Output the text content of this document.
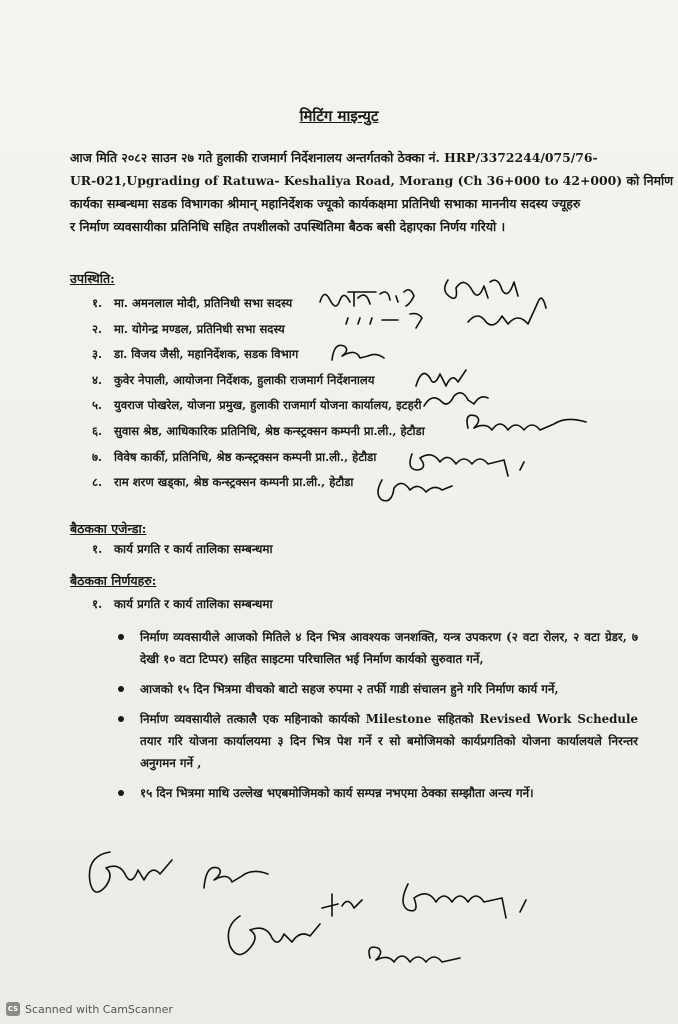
मिटिंग माइन्युट
आज मिति २०८२ साउन २७ गते हुलाकी राजमार्ग निर्देशनालय अन्तर्गतको ठेक्का नं. HRP/3372244/075/76-
UR-021,Upgrading of Ratuwa- Keshaliya Road, Morang (Ch 36+000 to 42+000) को निर्माण
कार्यका सम्बन्धमा सडक विभागका श्रीमान् महानिर्देशक ज्यूको कार्यकक्षमा प्रतिनिधी सभाका माननीय सदस्य ज्यूहरु
र निर्माण व्यवसायीका प्रतिनिधि सहित तपशीलको उपस्थितिमा बैठक बसी देहाएका निर्णय गरियो ।
उपस्थिति:
१. मा. अमनलाल मोदी, प्रतिनिधी सभा सदस्य
२. मा. योगेन्द्र मण्डल, प्रतिनिधी सभा सदस्य
३. डा. विजय जैसी, महानिर्देशक, सडक विभाग
४. कुवेर नेपाली, आयोजना निर्देशक, हुलाकी राजमार्ग निर्देशनालय
५. युवराज पोखरेल, योजना प्रमुख, हुलाकी राजमार्ग योजना कार्यालय, इटहरी
६. सुवास श्रेष्ठ, आधिकारिक प्रतिनिधि, श्रेष्ठ कन्स्ट्रक्सन कम्पनी प्रा.ली., हेटौडा
७. विवेष कार्की, प्रतिनिधि, श्रेष्ठ कन्स्ट्रक्सन कम्पनी प्रा.ली., हेटौडा
८. राम शरण खड्का, श्रेष्ठ कन्स्ट्रक्सन कम्पनी प्रा.ली., हेटौडा
बैठकका एजेन्डा:
१. कार्य प्रगति र कार्य तालिका सम्बन्धमा
बैठकका निर्णयहरु:
१. कार्य प्रगति र कार्य तालिका सम्बन्धमा
निर्माण व्यवसायीले आजको मितिले ४ दिन भित्र आवश्यक जनशक्ति, यन्त्र उपकरण (२ वटा रोलर, २ वटा ग्रेडर, ७ देखी १० वटा टिप्पर) सहित साइटमा परिचालित भई निर्माण कार्यको सुरुवात गर्ने,
आजको १५ दिन भित्रमा वीचको बाटो सहज रुपमा २ तर्फी गाडी संचालन हुने गरि निर्माण कार्य गर्ने,
निर्माण व्यवसायीले तत्कालै एक महिनाको कार्यको Milestone सहितको Revised Work Schedule तयार गरि योजना कार्यालयमा ३ दिन भित्र पेश गर्ने र सो बमोजिमको कार्यप्रगतिको योजना कार्यालयले निरन्तर अनुगमन गर्ने ,
१५ दिन भित्रमा माथि उल्लेख भएबमोजिमको कार्य सम्पन्न नभएमा ठेक्का सम्झौता अन्त्य गर्ने।
CS Scanned with CamScanner
